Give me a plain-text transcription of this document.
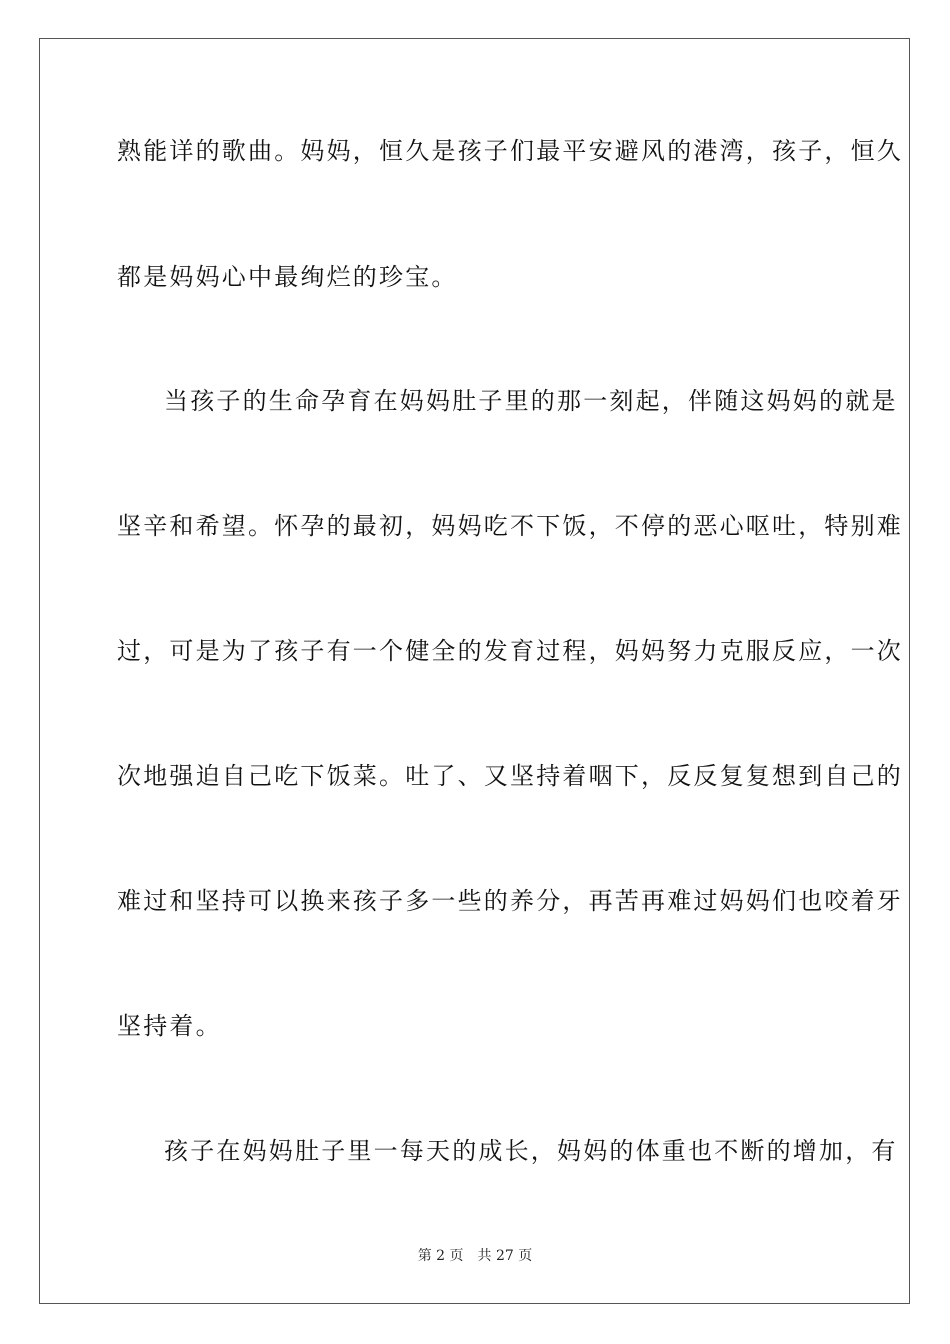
熟能详的歌曲。妈妈，恒久是孩子们最平安避风的港湾，孩子，恒久
都是妈妈心中最绚烂的珍宝。
当孩子的生命孕育在妈妈肚子里的那一刻起，伴随这妈妈的就是
坚辛和希望。怀孕的最初，妈妈吃不下饭，不停的恶心呕吐，特别难
过，可是为了孩子有一个健全的发育过程，妈妈努力克服反应，一次
次地强迫自己吃下饭菜。吐了、又坚持着咽下，反反复复想到自己的
难过和坚持可以换来孩子多一些的养分，再苦再难过妈妈们也咬着牙
坚持着。
孩子在妈妈肚子里一每天的成长，妈妈的体重也不断的增加，有
第 2 页 共 27 页
